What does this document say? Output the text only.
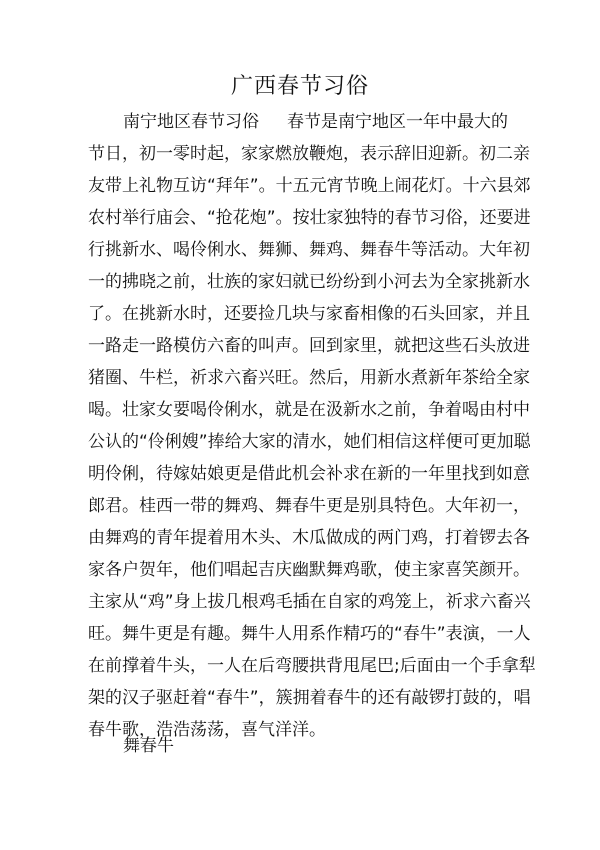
广西春节习俗
南宁地区春节习俗 春节是南宁地区一年中最大的
节日，初一零时起，家家燃放鞭炮，表示辞旧迎新。初二亲
友带上礼物互访“拜年”。十五元宵节晚上闹花灯。十六县郊
农村举行庙会、“抢花炮”。按壮家独特的春节习俗，还要进
行挑新水、喝伶俐水、舞狮、舞鸡、舞春牛等活动。大年初
一的拂晓之前，壮族的家妇就已纷纷到小河去为全家挑新水
了。在挑新水时，还要捡几块与家畜相像的石头回家，并且
一路走一路模仿六畜的叫声。回到家里，就把这些石头放进
猪圈、牛栏，祈求六畜兴旺。然后，用新水煮新年茶给全家
喝。壮家女要喝伶俐水，就是在汲新水之前，争着喝由村中
公认的“伶俐嫂”捧给大家的清水，她们相信这样便可更加聪
明伶俐，待嫁姑娘更是借此机会补求在新的一年里找到如意
郎君。桂西一带的舞鸡、舞春牛更是别具特色。大年初一，
由舞鸡的青年提着用木头、木瓜做成的两门鸡，打着锣去各
家各户贺年，他们唱起吉庆幽默舞鸡歌，使主家喜笑颜开。
主家从“鸡”身上拔几根鸡毛插在自家的鸡笼上，祈求六畜兴
旺。舞牛更是有趣。舞牛人用系作精巧的“春牛”表演，一人
在前撑着牛头，一人在后弯腰拱背甩尾巴;后面由一个手拿犁
架的汉子驱赶着“春牛”，簇拥着春牛的还有敲锣打鼓的，唱
春牛歌，浩浩荡荡，喜气洋洋。
舞春牛
